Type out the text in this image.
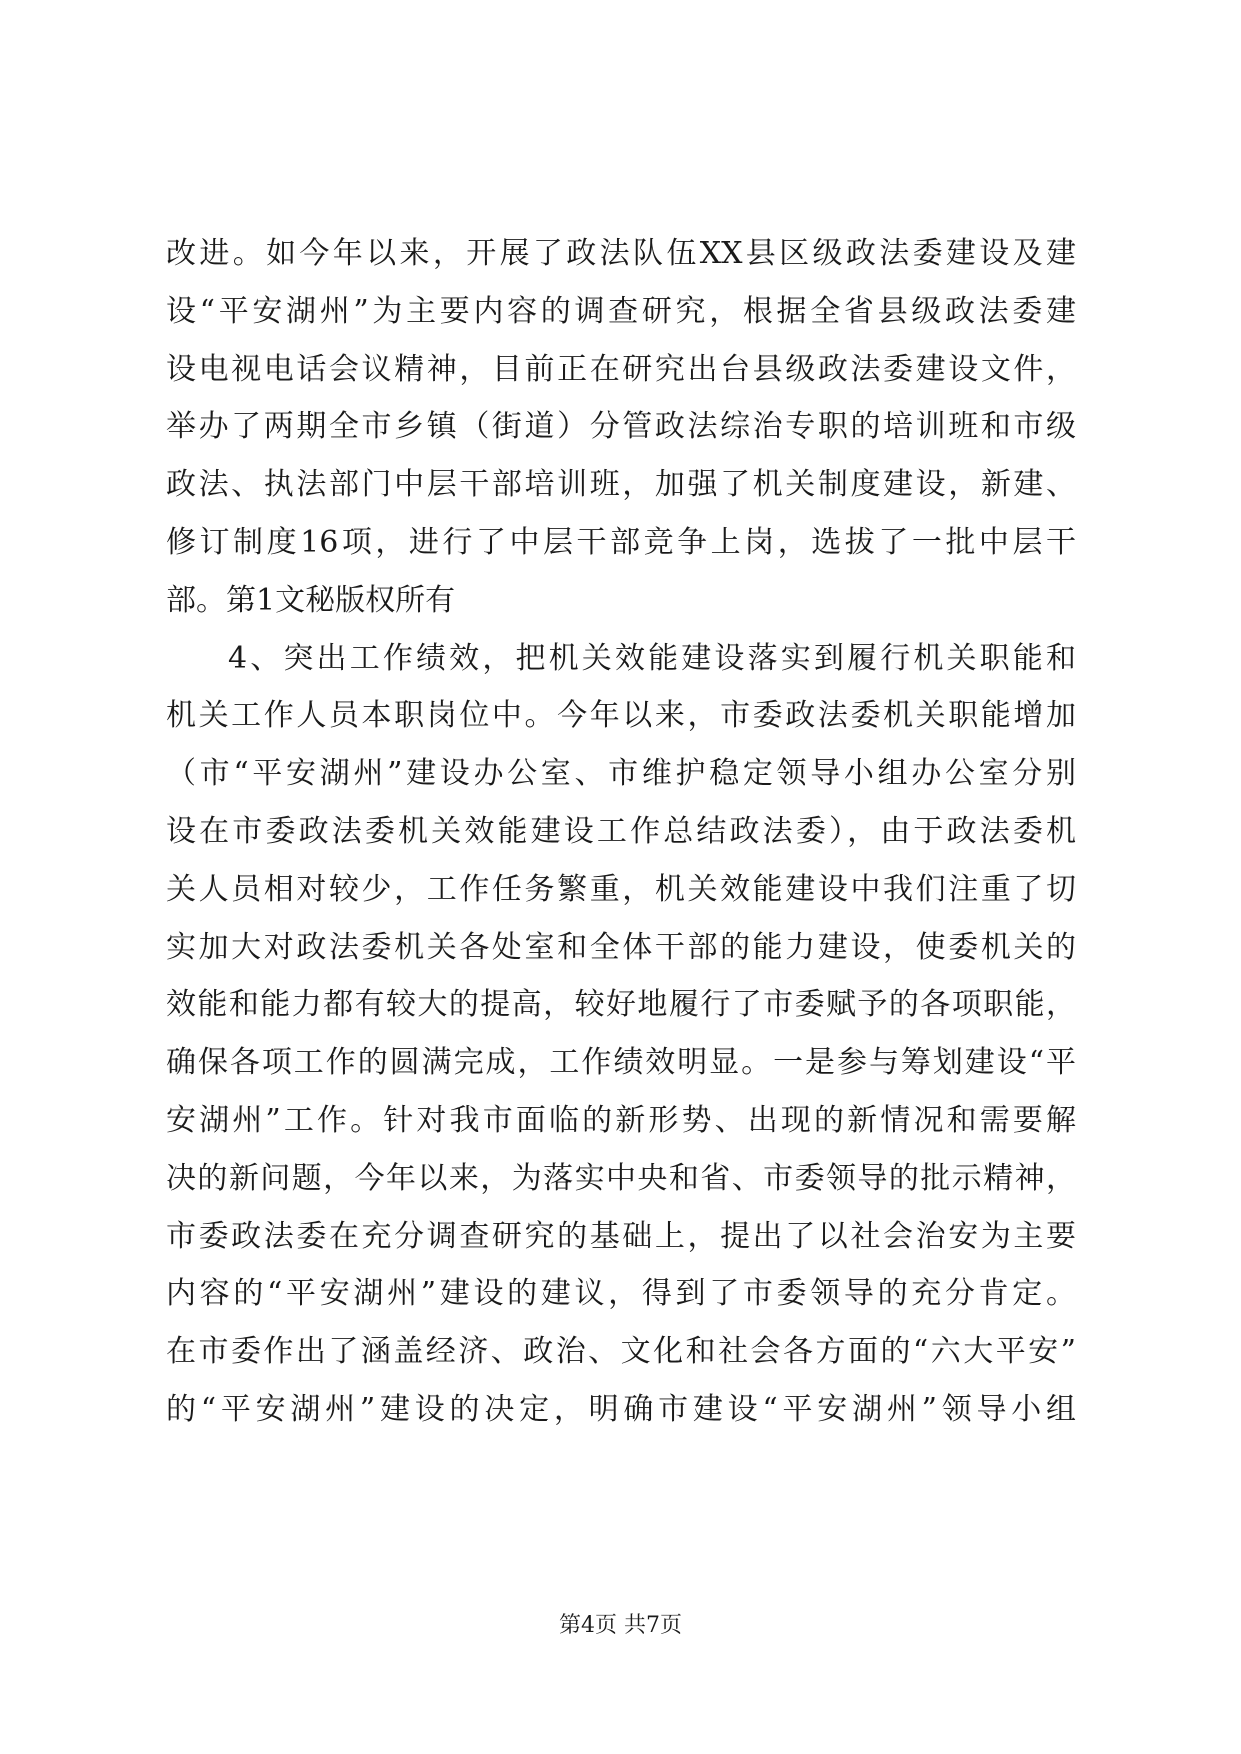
改进。如今年以来，开展了政法队伍XX县区级政法委建设及建
设“平安湖州”为主要内容的调查研究，根据全省县级政法委建
设电视电话会议精神，目前正在研究出台县级政法委建设文件，
举办了两期全市乡镇（街道）分管政法综治专职的培训班和市级
政法、执法部门中层干部培训班，加强了机关制度建设，新建、
修订制度16项，进行了中层干部竞争上岗，选拔了一批中层干
部。第1文秘版权所有
4、突出工作绩效，把机关效能建设落实到履行机关职能和
机关工作人员本职岗位中。今年以来，市委政法委机关职能增加
（市“平安湖州”建设办公室、市维护稳定领导小组办公室分别
设在市委政法委机关效能建设工作总结政法委），由于政法委机
关人员相对较少，工作任务繁重，机关效能建设中我们注重了切
实加大对政法委机关各处室和全体干部的能力建设，使委机关的
效能和能力都有较大的提高，较好地履行了市委赋予的各项职能，
确保各项工作的圆满完成，工作绩效明显。一是参与筹划建设“平
安湖州”工作。针对我市面临的新形势、出现的新情况和需要解
决的新问题，今年以来，为落实中央和省、市委领导的批示精神，
市委政法委在充分调查研究的基础上，提出了以社会治安为主要
内容的“平安湖州”建设的建议，得到了市委领导的充分肯定。
在市委作出了涵盖经济、政治、文化和社会各方面的“六大平安”
的“平安湖州”建设的决定，明确市建设“平安湖州”领导小组
第4页 共7页
